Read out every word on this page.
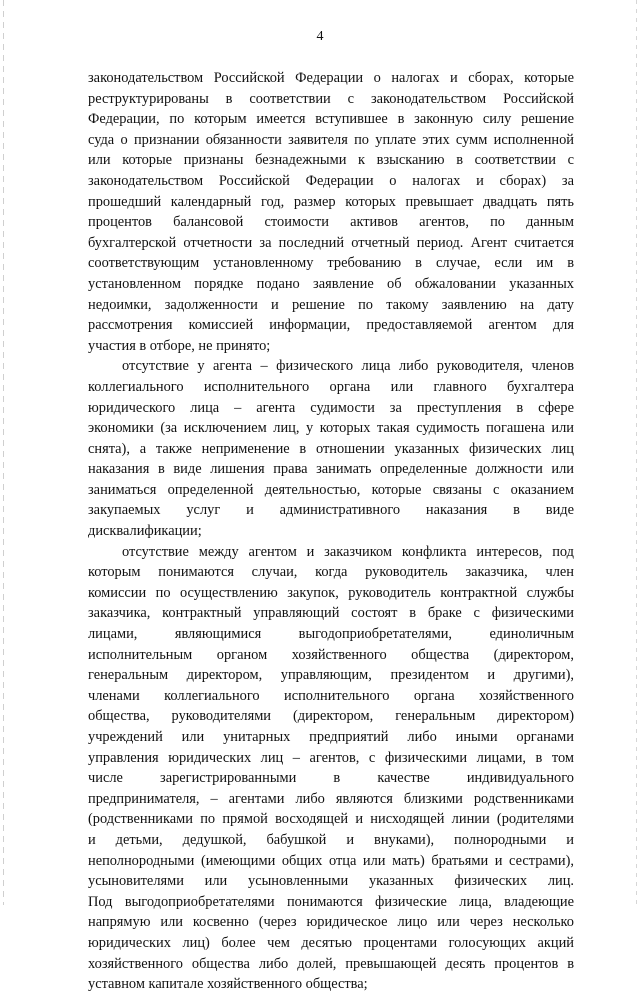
4
законодательством Российской Федерации о налогах и сборах, которые
реструктурированы в соответствии с законодательством Российской
Федерации, по которым имеется вступившее в законную силу решение
суда о признании обязанности заявителя по уплате этих сумм исполненной
или которые признаны безнадежными к взысканию в соответствии с
законодательством Российской Федерации о налогах и сборах) за
прошедший календарный год, размер которых превышает двадцать пять
процентов балансовой стоимости активов агентов, по данным
бухгалтерской отчетности за последний отчетный период. Агент считается
соответствующим установленному требованию в случае, если им в
установленном порядке подано заявление об обжаловании указанных
недоимки, задолженности и решение по такому заявлению на дату
рассмотрения комиссией информации, предоставляемой агентом для
участия в отборе, не принято;
отсутствие у агента – физического лица либо руководителя, членов
коллегиального исполнительного органа или главного бухгалтера
юридического лица – агента судимости за преступления в сфере
экономики (за исключением лиц, у которых такая судимость погашена или
снята), а также неприменение в отношении указанных физических лиц
наказания в виде лишения права занимать определенные должности или
заниматься определенной деятельностью, которые связаны с оказанием
закупаемых услуг и административного наказания в виде
дисквалификации;
отсутствие между агентом и заказчиком конфликта интересов, под
которым понимаются случаи, когда руководитель заказчика, член
комиссии по осуществлению закупок, руководитель контрактной службы
заказчика, контрактный управляющий состоят в браке с физическими
лицами, являющимися выгодоприобретателями, единоличным
исполнительным органом хозяйственного общества (директором,
генеральным директором, управляющим, президентом и другими),
членами коллегиального исполнительного органа хозяйственного
общества, руководителями (директором, генеральным директором)
учреждений или унитарных предприятий либо иными органами
управления юридических лиц – агентов, с физическими лицами, в том
числе зарегистрированными в качестве индивидуального
предпринимателя, – агентами либо являются близкими родственниками
(родственниками по прямой восходящей и нисходящей линии (родителями
и детьми, дедушкой, бабушкой и внуками), полнородными и
неполнородными (имеющими общих отца или мать) братьями и сестрами),
усыновителями или усыновленными указанных физических лиц.
Под выгодоприобретателями понимаются физические лица, владеющие
напрямую или косвенно (через юридическое лицо или через несколько
юридических лиц) более чем десятью процентами голосующих акций
хозяйственного общества либо долей, превышающей десять процентов в
уставном капитале хозяйственного общества;
